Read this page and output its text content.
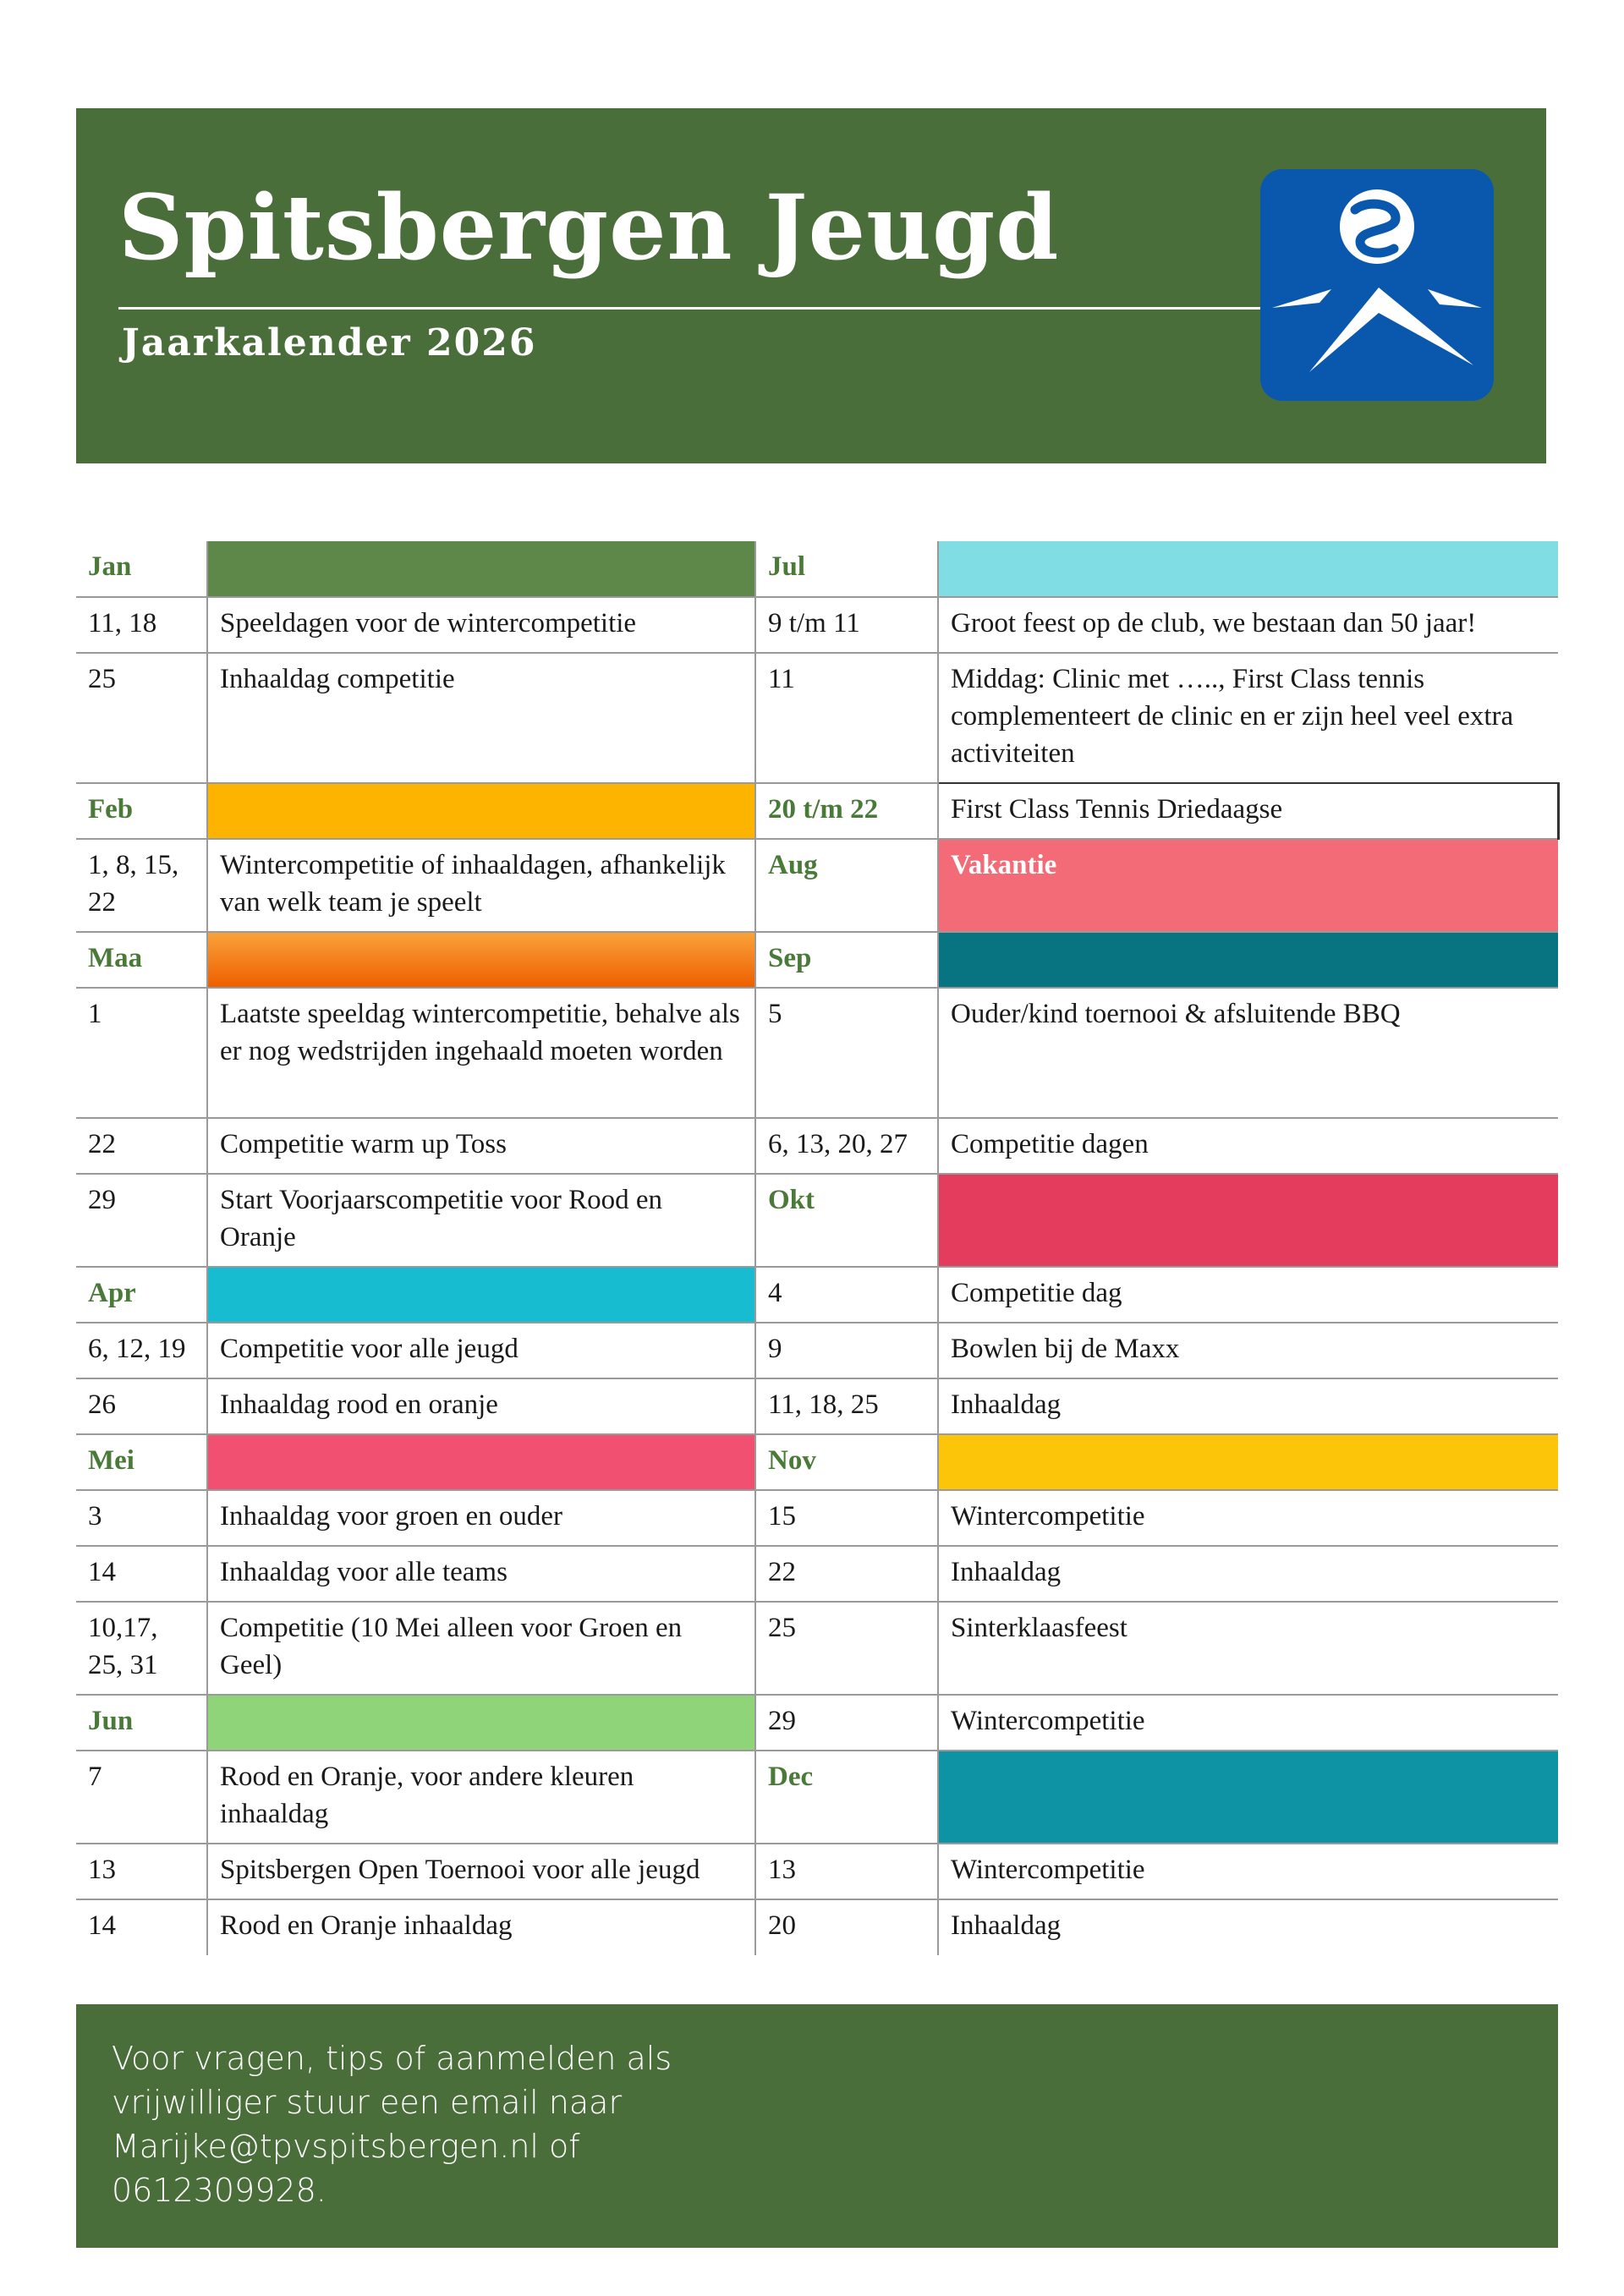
Spitsbergen Jeugd
Jaarkalender 2026
Jan		Jul	
11, 18	Speeldagen voor de wintercompetitie	9 t/m 11	Groot feest op de club, we bestaan dan 50 jaar!
25	Inhaaldag competitie	11	Middag: Clinic met ….., First Class tennis complementeert de clinic en er zijn heel veel extra activiteiten
Feb		20 t/m 22	First Class Tennis Driedaagse
1, 8, 15, 22	Wintercompetitie of inhaaldagen, afhankelijk van welk team je speelt	Aug	Vakantie
Maa		Sep	
1	Laatste speeldag wintercompetitie, behalve als er nog wedstrijden ingehaald moeten worden	5	Ouder/kind toernooi & afsluitende BBQ
22	Competitie warm up Toss	6, 13, 20, 27	Competitie dagen
29	Start Voorjaarscompetitie voor Rood en Oranje	Okt	
Apr		4	Competitie dag
6, 12, 19	Competitie voor alle jeugd	9	Bowlen bij de Maxx
26	Inhaaldag rood en oranje	11, 18, 25	Inhaaldag
Mei		Nov	
3	Inhaaldag voor groen en ouder	15	Wintercompetitie
14	Inhaaldag voor alle teams	22	Inhaaldag
10,17, 25, 31	Competitie (10 Mei alleen voor Groen en Geel)	25	Sinterklaasfeest
Jun		29	Wintercompetitie
7	Rood en Oranje, voor andere kleuren inhaaldag	Dec	
13	Spitsbergen Open Toernooi voor alle jeugd	13	Wintercompetitie
14	Rood en Oranje inhaaldag	20	Inhaaldag
Voor vragen, tips of aanmelden als vrijwilliger stuur een email naar Marijke@tpvspitsbergen.nl of 0612309928.
